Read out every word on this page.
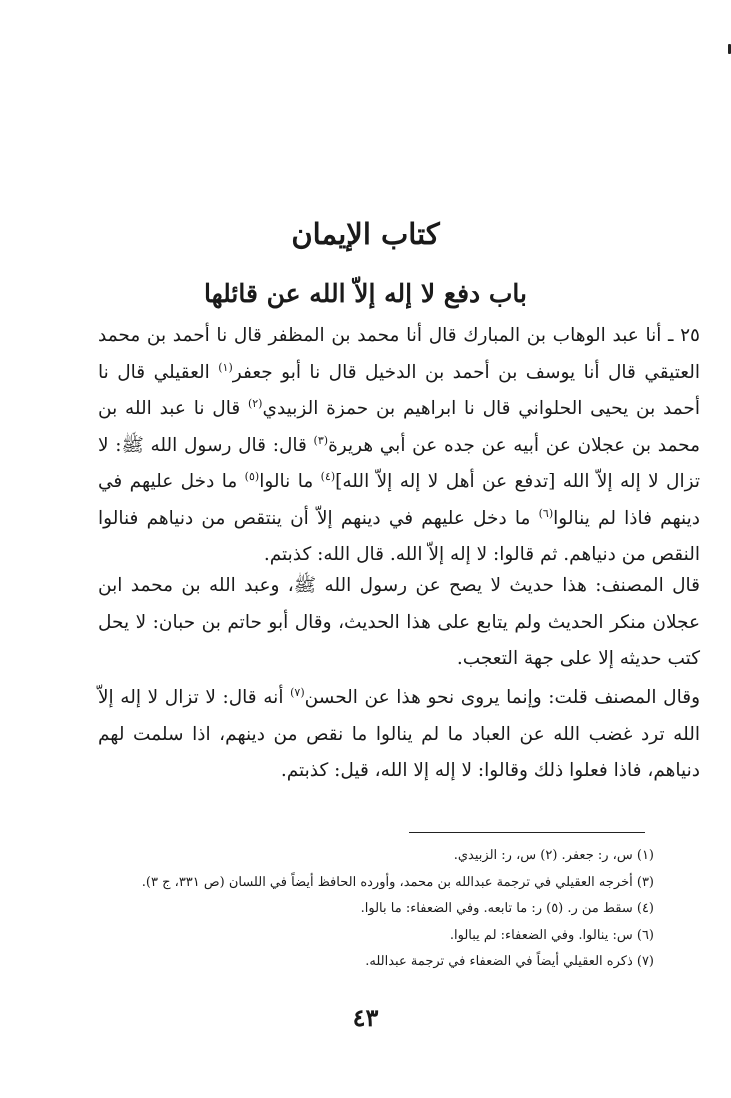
كتاب الإيمان
باب دفع لا إله إلاّ الله عن قائلها

٢٥ ـ أنا عبد الوهاب بن المبارك قال أنا محمد بن المظفر قال نا أحمد بن محمد العتيقي قال أنا يوسف بن أحمد بن الدخيل قال نا أبو جعفر$^{(١)}$ العقيلي قال نا أحمد بن يحيى الحلواني قال نا ابراهيم بن حمزة الزبيدي$^{(٢)}$ قال نا عبد الله بن محمد بن عجلان عن أبيه عن جده عن أبي هريرة$^{(٣)}$ قال: قال رسول الله ﷺ: لا تزال لا إله إلاّ الله [تدفع عن أهل لا إله إلاّ الله]$^{(٤)}$ ما نالوا$^{(٥)}$ ما دخل عليهم في دينهم فاذا لم ينالوا$^{(٦)}$ ما دخل عليهم في دينهم إلاّ أن ينتقص من دنياهم فنالوا النقص من دنياهم. ثم قالوا: لا إله إلاّ الله. قال الله: كذبتم.

قال المصنف: هذا حديث لا يصح عن رسول الله ﷺ، وعبد الله بن محمد ابن عجلان منكر الحديث ولم يتابع على هذا الحديث، وقال أبو حاتم بن حبان: لا يحل كتب حديثه إلا على جهة التعجب.

وقال المصنف قلت: وإنما يروى نحو هذا عن الحسن$^{(٧)}$ أنه قال: لا تزال لا إله إلاّ الله ترد غضب الله عن العباد ما لم ينالوا ما نقص من دينهم، اذا سلمت لهم دنياهم، فاذا فعلوا ذلك وقالوا: لا إله إلا الله، قيل: كذبتم.

(١) س، ر: جعفر. (٢) س، ر: الزبيدي.
(٣) أخرجه العقيلي في ترجمة عبدالله بن محمد، وأورده الحافظ أيضاً في اللسان (ص ٣٣١، ج ٣).
(٤) سقط من ر. (٥) ر: ما تابعه. وفي الضعفاء: ما بالوا.
(٦) س: ينالوا. وفي الضعفاء: لم يبالوا.
(٧) ذكره العقيلي أيضاً في الضعفاء في ترجمة عبدالله.
٤٣
